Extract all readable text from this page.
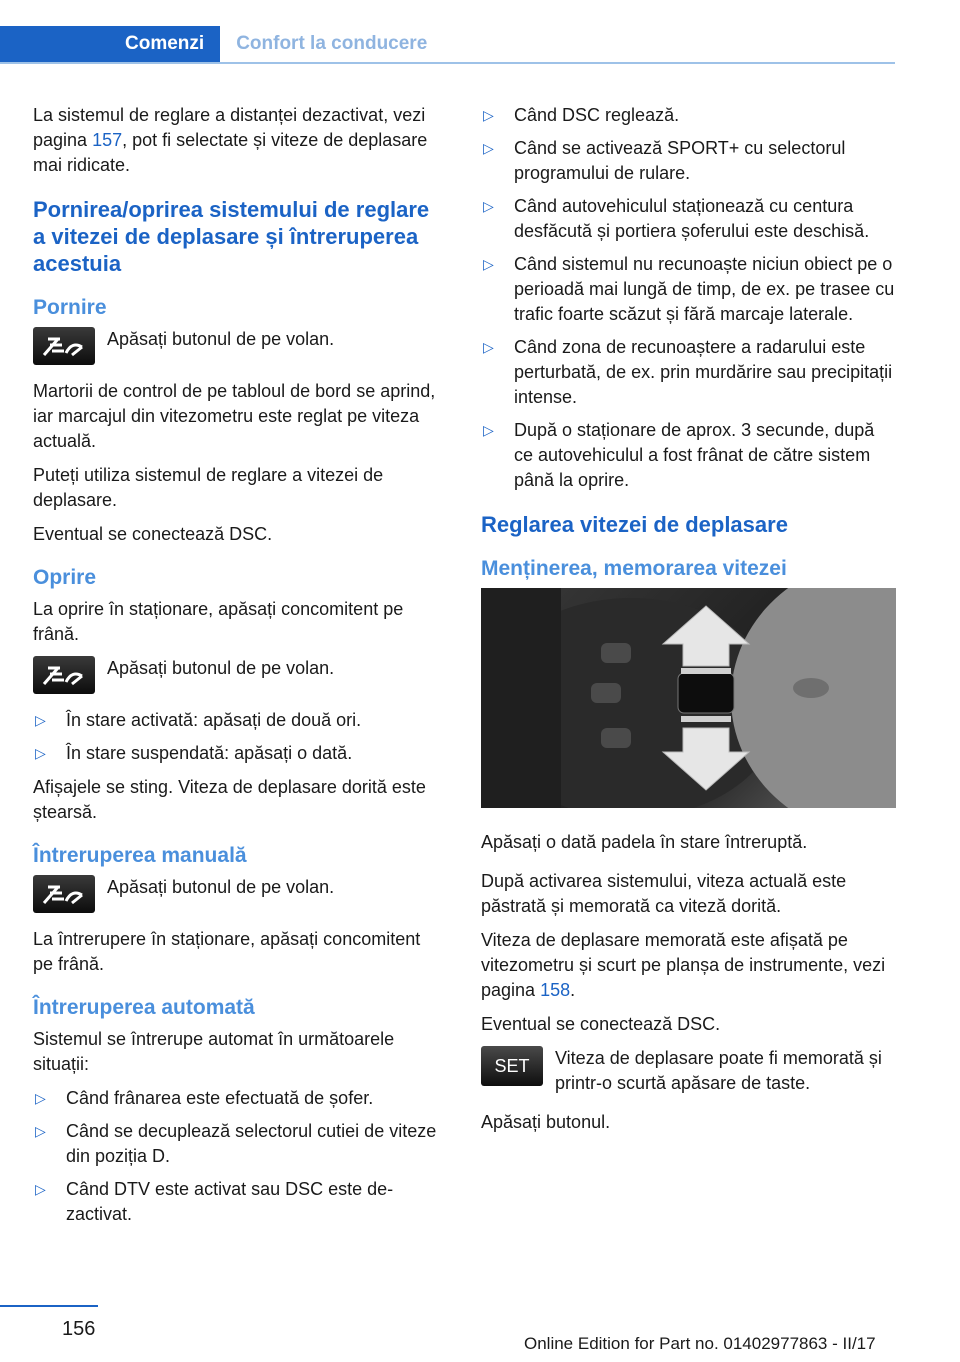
Comenzi	Confort la conducere

La sistemul de reglare a distanței dezactivat, vezi pagina 157, pot fi selectate și viteze de deplasare mai ridicate.

Pornirea/oprirea sistemului de reglare a vitezei de deplasare și întreruperea acestuia
Pornire
Apăsați butonul de pe volan.

Martorii de control de pe tabloul de bord se aprind, iar marcajul din vitezometru este reglat pe viteza actuală.

Puteți utiliza sistemul de reglare a vitezei de deplasare.

Eventual se conectează DSC.

Oprire

La oprire în staționare, apăsați concomitent pe frână.

Apăsați butonul de pe volan.
▷ În stare activată: apăsați de două ori.
▷ În stare suspendată: apăsați o dată.

Afișajele se sting. Viteza de deplasare dorită este ștearsă.

Întreruperea manuală
Apăsați butonul de pe volan.

La întrerupere în staționare, apăsați concomitent pe frână.

Întreruperea automată

Sistemul se întrerupe automat în următoarele situații:

▷ Când frânarea este efectuată de șofer.
▷ Când se decuplează selectorul cutiei de viteze din poziția D.
▷ Când DTV este activat sau DSC este dezactivat.
▷ Când DSC reglează.
▷ Când se activează SPORT+ cu selectorul programului de rulare.
▷ Când autovehiculul staționează cu centura desfăcută și portiera șoferului este deschisă.
▷ Când sistemul nu recunoaște niciun obiect pe o perioadă mai lungă de timp, de ex. pe trasee cu trafic foarte scăzut și fără marcaje laterale.
▷ Când zona de recunoaștere a radarului este perturbată, de ex. prin murdărire sau precipitații intense.
▷ După o staționare de aprox. 3 secunde, după ce autovehiculul a fost frânat de către sistem până la oprire.
Reglarea vitezei de deplasare
Menținerea, memorarea vitezei

Apăsați o dată padela în stare întreruptă.

După activarea sistemului, viteza actuală este păstrată și memorată ca viteză dorită.

Viteza de deplasare memorată este afișată pe vitezometru și scurt pe planșa de instrumente, vezi pagina 158.

Eventual se conectează DSC.

SET	Viteza de deplasare poate fi memorată și printr-o scurtă apăsare de taste.

Apăsați butonul.

156
Online Edition for Part no. 01402977863 - II/17
